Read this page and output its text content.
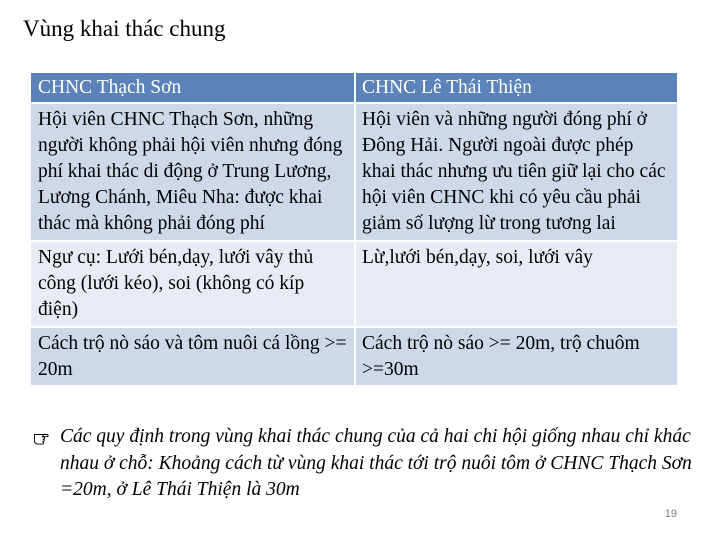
Vùng khai thác chung
CHNC Thạch Sơn	CHNC Lê Thái Thiện
Hội viên CHNC Thạch Sơn, những người không phải hội viên nhưng đóng phí khai thác di động ở Trung Lương, Lương Chánh, Miêu Nha: được khai thác mà không phải đóng phí	Hội viên và những người đóng phí ở Đông Hải. Người ngoài được phép khai thác nhưng ưu tiên giữ lại cho các hội viên CHNC khi có yêu cầu phải giảm số lượng lừ trong tương lai
Ngư cụ: Lưới bén,dạy, lưới vây thủ công (lưới kéo), soi (không có kíp điện)	Lừ,lưới bén,dạy, soi, lưới vây
Cách trộ nò sáo và tôm nuôi cá lồng >= 20m	Cách trộ nò sáo >= 20m, trộ chuôm >=30m
Các quy định trong vùng khai thác chung của cả hai chi hội giống nhau chỉ khác nhau ở chỗ: Khoảng cách từ vùng khai thác tới trộ nuôi tôm ở CHNC Thạch Sơn =20m, ở Lê Thái Thiện là 30m
19
